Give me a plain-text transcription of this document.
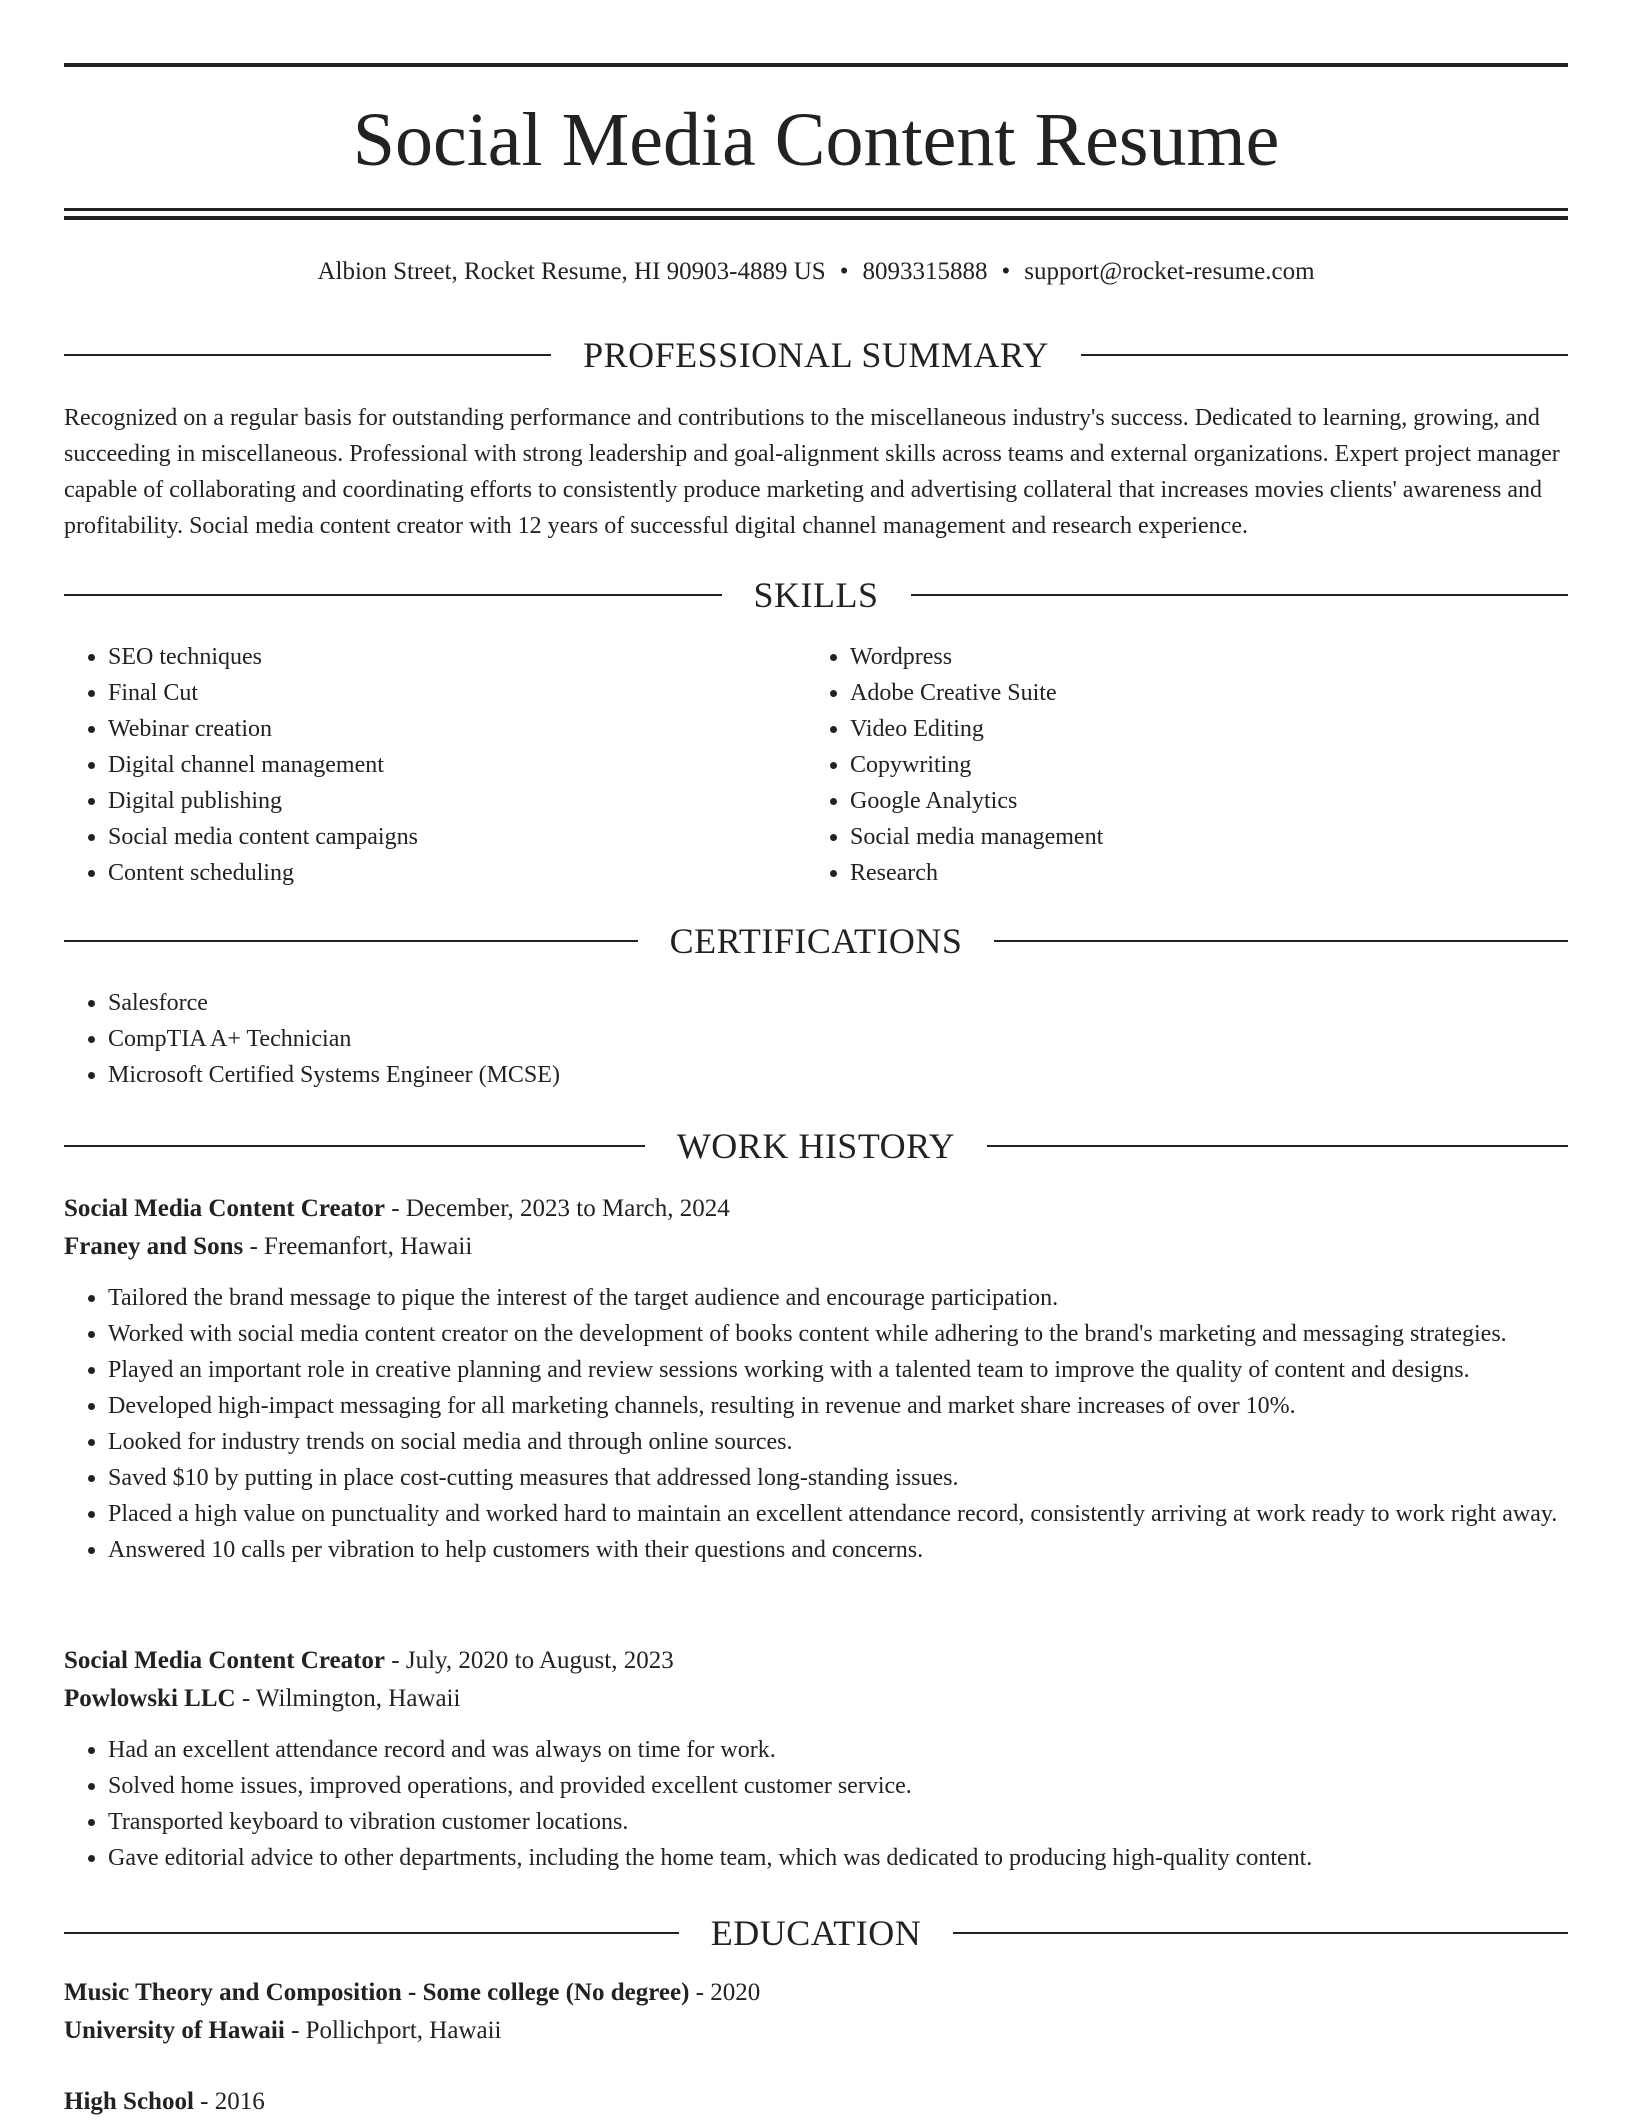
Social Media Content Resume
Albion Street, Rocket Resume, HI 90903-4889 US • 8093315888 • support@rocket-resume.com
PROFESSIONAL SUMMARY
Recognized on a regular basis for outstanding performance and contributions to the miscellaneous industry's success. Dedicated to learning, growing, and succeeding in miscellaneous. Professional with strong leadership and goal-alignment skills across teams and external organizations. Expert project manager capable of collaborating and coordinating efforts to consistently produce marketing and advertising collateral that increases movies clients' awareness and profitability. Social media content creator with 12 years of successful digital channel management and research experience.
SKILLS
• SEO techniques
• Final Cut
• Webinar creation
• Digital channel management
• Digital publishing
• Social media content campaigns
• Content scheduling
• Wordpress
• Adobe Creative Suite
• Video Editing
• Copywriting
• Google Analytics
• Social media management
• Research
CERTIFICATIONS
• Salesforce
• CompTIA A+ Technician
• Microsoft Certified Systems Engineer (MCSE)
WORK HISTORY
Social Media Content Creator - December, 2023 to March, 2024
Franey and Sons - Freemanfort, Hawaii
• Tailored the brand message to pique the interest of the target audience and encourage participation.
• Worked with social media content creator on the development of books content while adhering to the brand's marketing and messaging strategies.
• Played an important role in creative planning and review sessions working with a talented team to improve the quality of content and designs.
• Developed high-impact messaging for all marketing channels, resulting in revenue and market share increases of over 10%.
• Looked for industry trends on social media and through online sources.
• Saved $10 by putting in place cost-cutting measures that addressed long-standing issues.
• Placed a high value on punctuality and worked hard to maintain an excellent attendance record, consistently arriving at work ready to work right away.
• Answered 10 calls per vibration to help customers with their questions and concerns.
Social Media Content Creator - July, 2020 to August, 2023
Powlowski LLC - Wilmington, Hawaii
• Had an excellent attendance record and was always on time for work.
• Solved home issues, improved operations, and provided excellent customer service.
• Transported keyboard to vibration customer locations.
• Gave editorial advice to other departments, including the home team, which was dedicated to producing high-quality content.
EDUCATION
Music Theory and Composition - Some college (No degree) - 2020
University of Hawaii - Pollichport, Hawaii
High School - 2016
